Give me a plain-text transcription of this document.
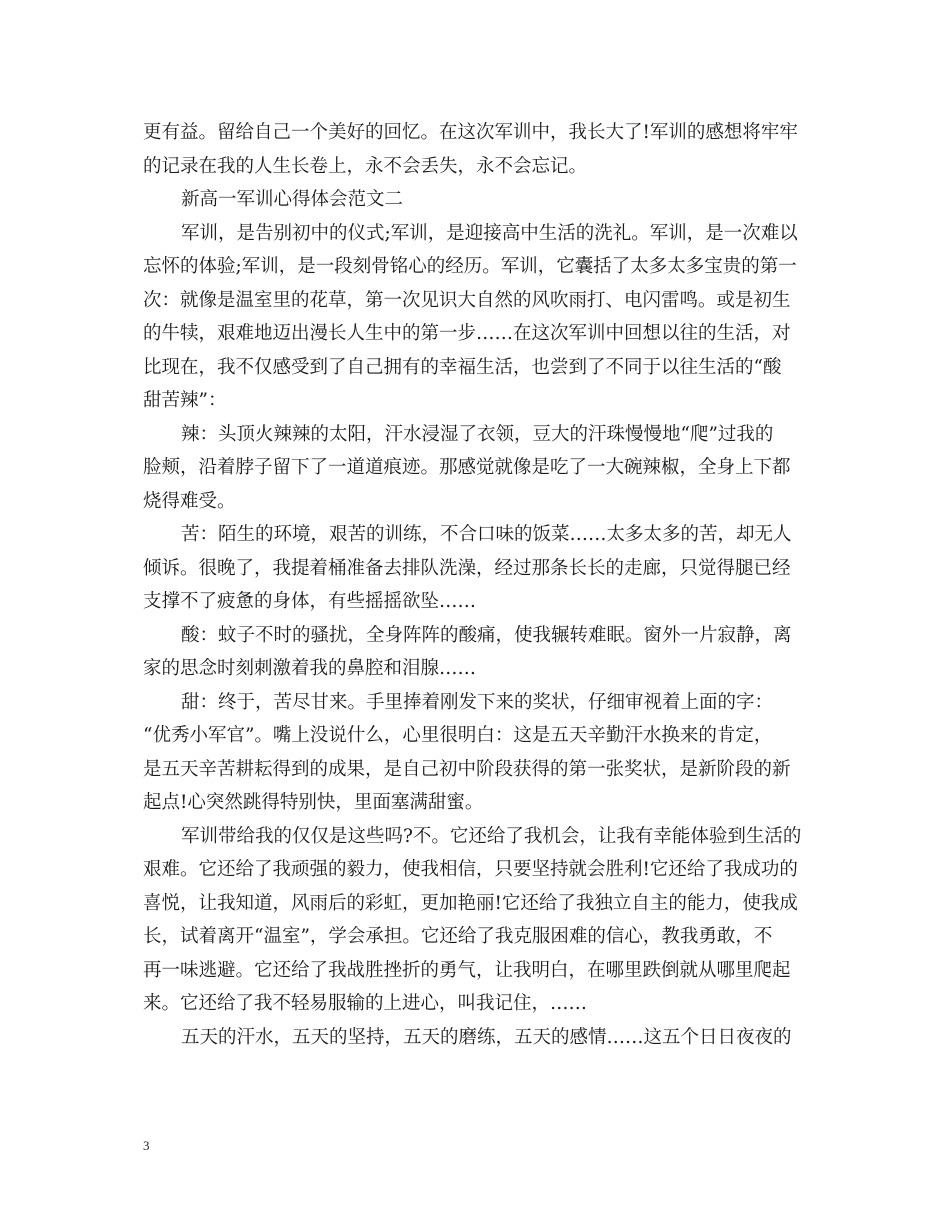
更有益。留给自己一个美好的回忆。在这次军训中，我长大了!军训的感想将牢牢
的记录在我的人生长卷上，永不会丢失，永不会忘记。
新高一军训心得体会范文二
军训，是告别初中的仪式;军训，是迎接高中生活的洗礼。军训，是一次难以
忘怀的体验;军训，是一段刻骨铭心的经历。军训，它囊括了太多太多宝贵的第一
次：就像是温室里的花草，第一次见识大自然的风吹雨打、电闪雷鸣。或是初生
的牛犊，艰难地迈出漫长人生中的第一步……在这次军训中回想以往的生活，对
比现在，我不仅感受到了自己拥有的幸福生活，也尝到了不同于以往生活的“酸
甜苦辣”：
辣：头顶火辣辣的太阳，汗水浸湿了衣领，豆大的汗珠慢慢地“爬”过我的
脸颊，沿着脖子留下了一道道痕迹。那感觉就像是吃了一大碗辣椒，全身上下都
烧得难受。
苦：陌生的环境，艰苦的训练，不合口味的饭菜……太多太多的苦，却无人
倾诉。很晚了，我提着桶准备去排队洗澡，经过那条长长的走廊，只觉得腿已经
支撑不了疲惫的身体，有些摇摇欲坠……
酸：蚊子不时的骚扰，全身阵阵的酸痛，使我辗转难眠。窗外一片寂静，离
家的思念时刻刺激着我的鼻腔和泪腺……
甜：终于，苦尽甘来。手里捧着刚发下来的奖状，仔细审视着上面的字：
“优秀小军官”。嘴上没说什么，心里很明白：这是五天辛勤汗水换来的肯定，
是五天辛苦耕耘得到的成果，是自己初中阶段获得的第一张奖状，是新阶段的新
起点!心突然跳得特别快，里面塞满甜蜜。
军训带给我的仅仅是这些吗?不。它还给了我机会，让我有幸能体验到生活的
艰难。它还给了我顽强的毅力，使我相信，只要坚持就会胜利!它还给了我成功的
喜悦，让我知道，风雨后的彩虹，更加艳丽!它还给了我独立自主的能力，使我成
长，试着离开“温室”，学会承担。它还给了我克服困难的信心，教我勇敢，不
再一味逃避。它还给了我战胜挫折的勇气，让我明白，在哪里跌倒就从哪里爬起
来。它还给了我不轻易服输的上进心，叫我记住，……
五天的汗水，五天的坚持，五天的磨练，五天的感情……这五个日日夜夜的
3
